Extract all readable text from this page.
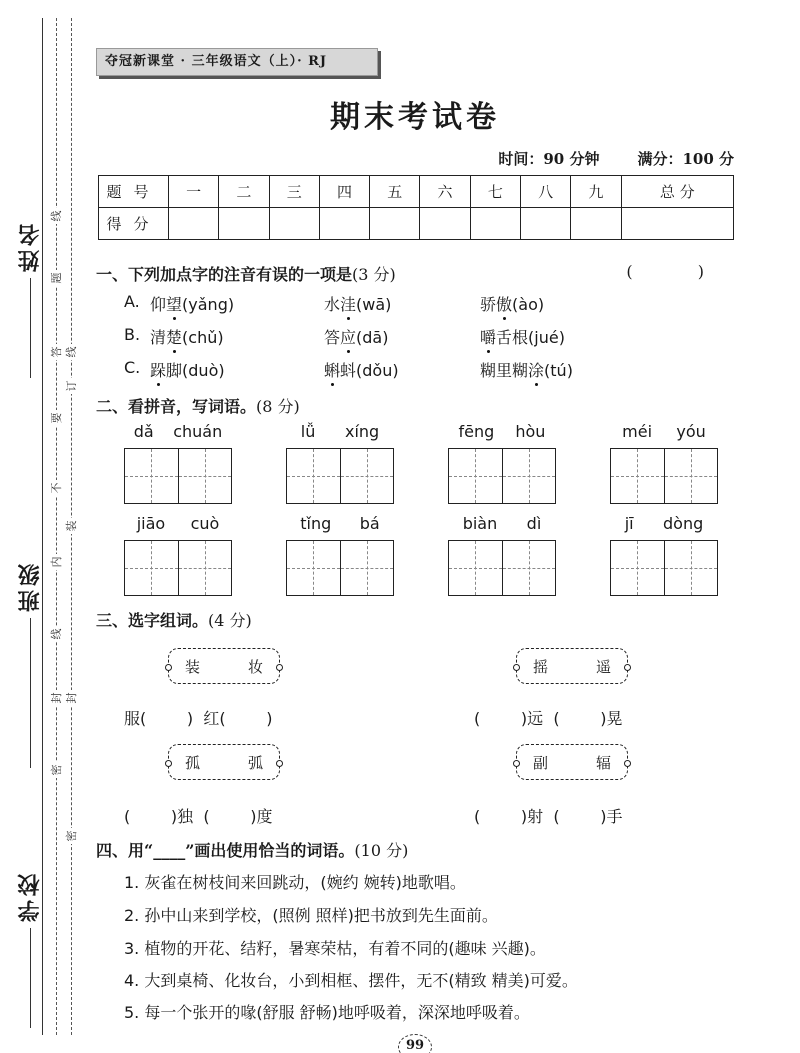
姓名
班级
学校
线
题
答
要
不
内
线
封
密
线
订
装
封
密
夺冠新课堂 · 三年级语文（上）· RJ
期末考试卷
时间：90 分钟	满分：100 分
题号	一	二	三	四	五	六	七	八	九	总 分
得分										
一、下列加点字的注音有误的一项是(3 分)	( )
A. 仰望(yǎng)	水洼(wā)	骄傲(ào)
B. 清楚(chǔ)	答应(dā)	嚼舌根(jué)
C. 跺脚(duò)	蝌蚪(dǒu)	糊里糊涂(tú)
二、看拼音，写词语。(8 分)
dǎ chuán	lǚ xíng	fēng hòu	méi yóu
jiāo cuò	tǐng bá	biàn dì	jī dòng
三、选字组词。(4 分)
装	妆
服(        )  红(        )
摇	遥
(        )远  (        )晃
孤	弧
(        )独  (        )度
副	辐
(        )射  (        )手
四、用“____”画出使用恰当的词语。(10 分)
1. 灰雀在树枝间来回跳动，(婉约 婉转)地歌唱。
2. 孙中山来到学校，(照例 照样)把书放到先生面前。
3. 植物的开花、结籽，暑寒荣枯，有着不同的(趣味 兴趣)。
4. 大到桌椅、化妆台，小到相框、摆件，无不(精致 精美)可爱。
5. 每一个张开的喙(舒服 舒畅)地呼吸着，深深地呼吸着。
99
